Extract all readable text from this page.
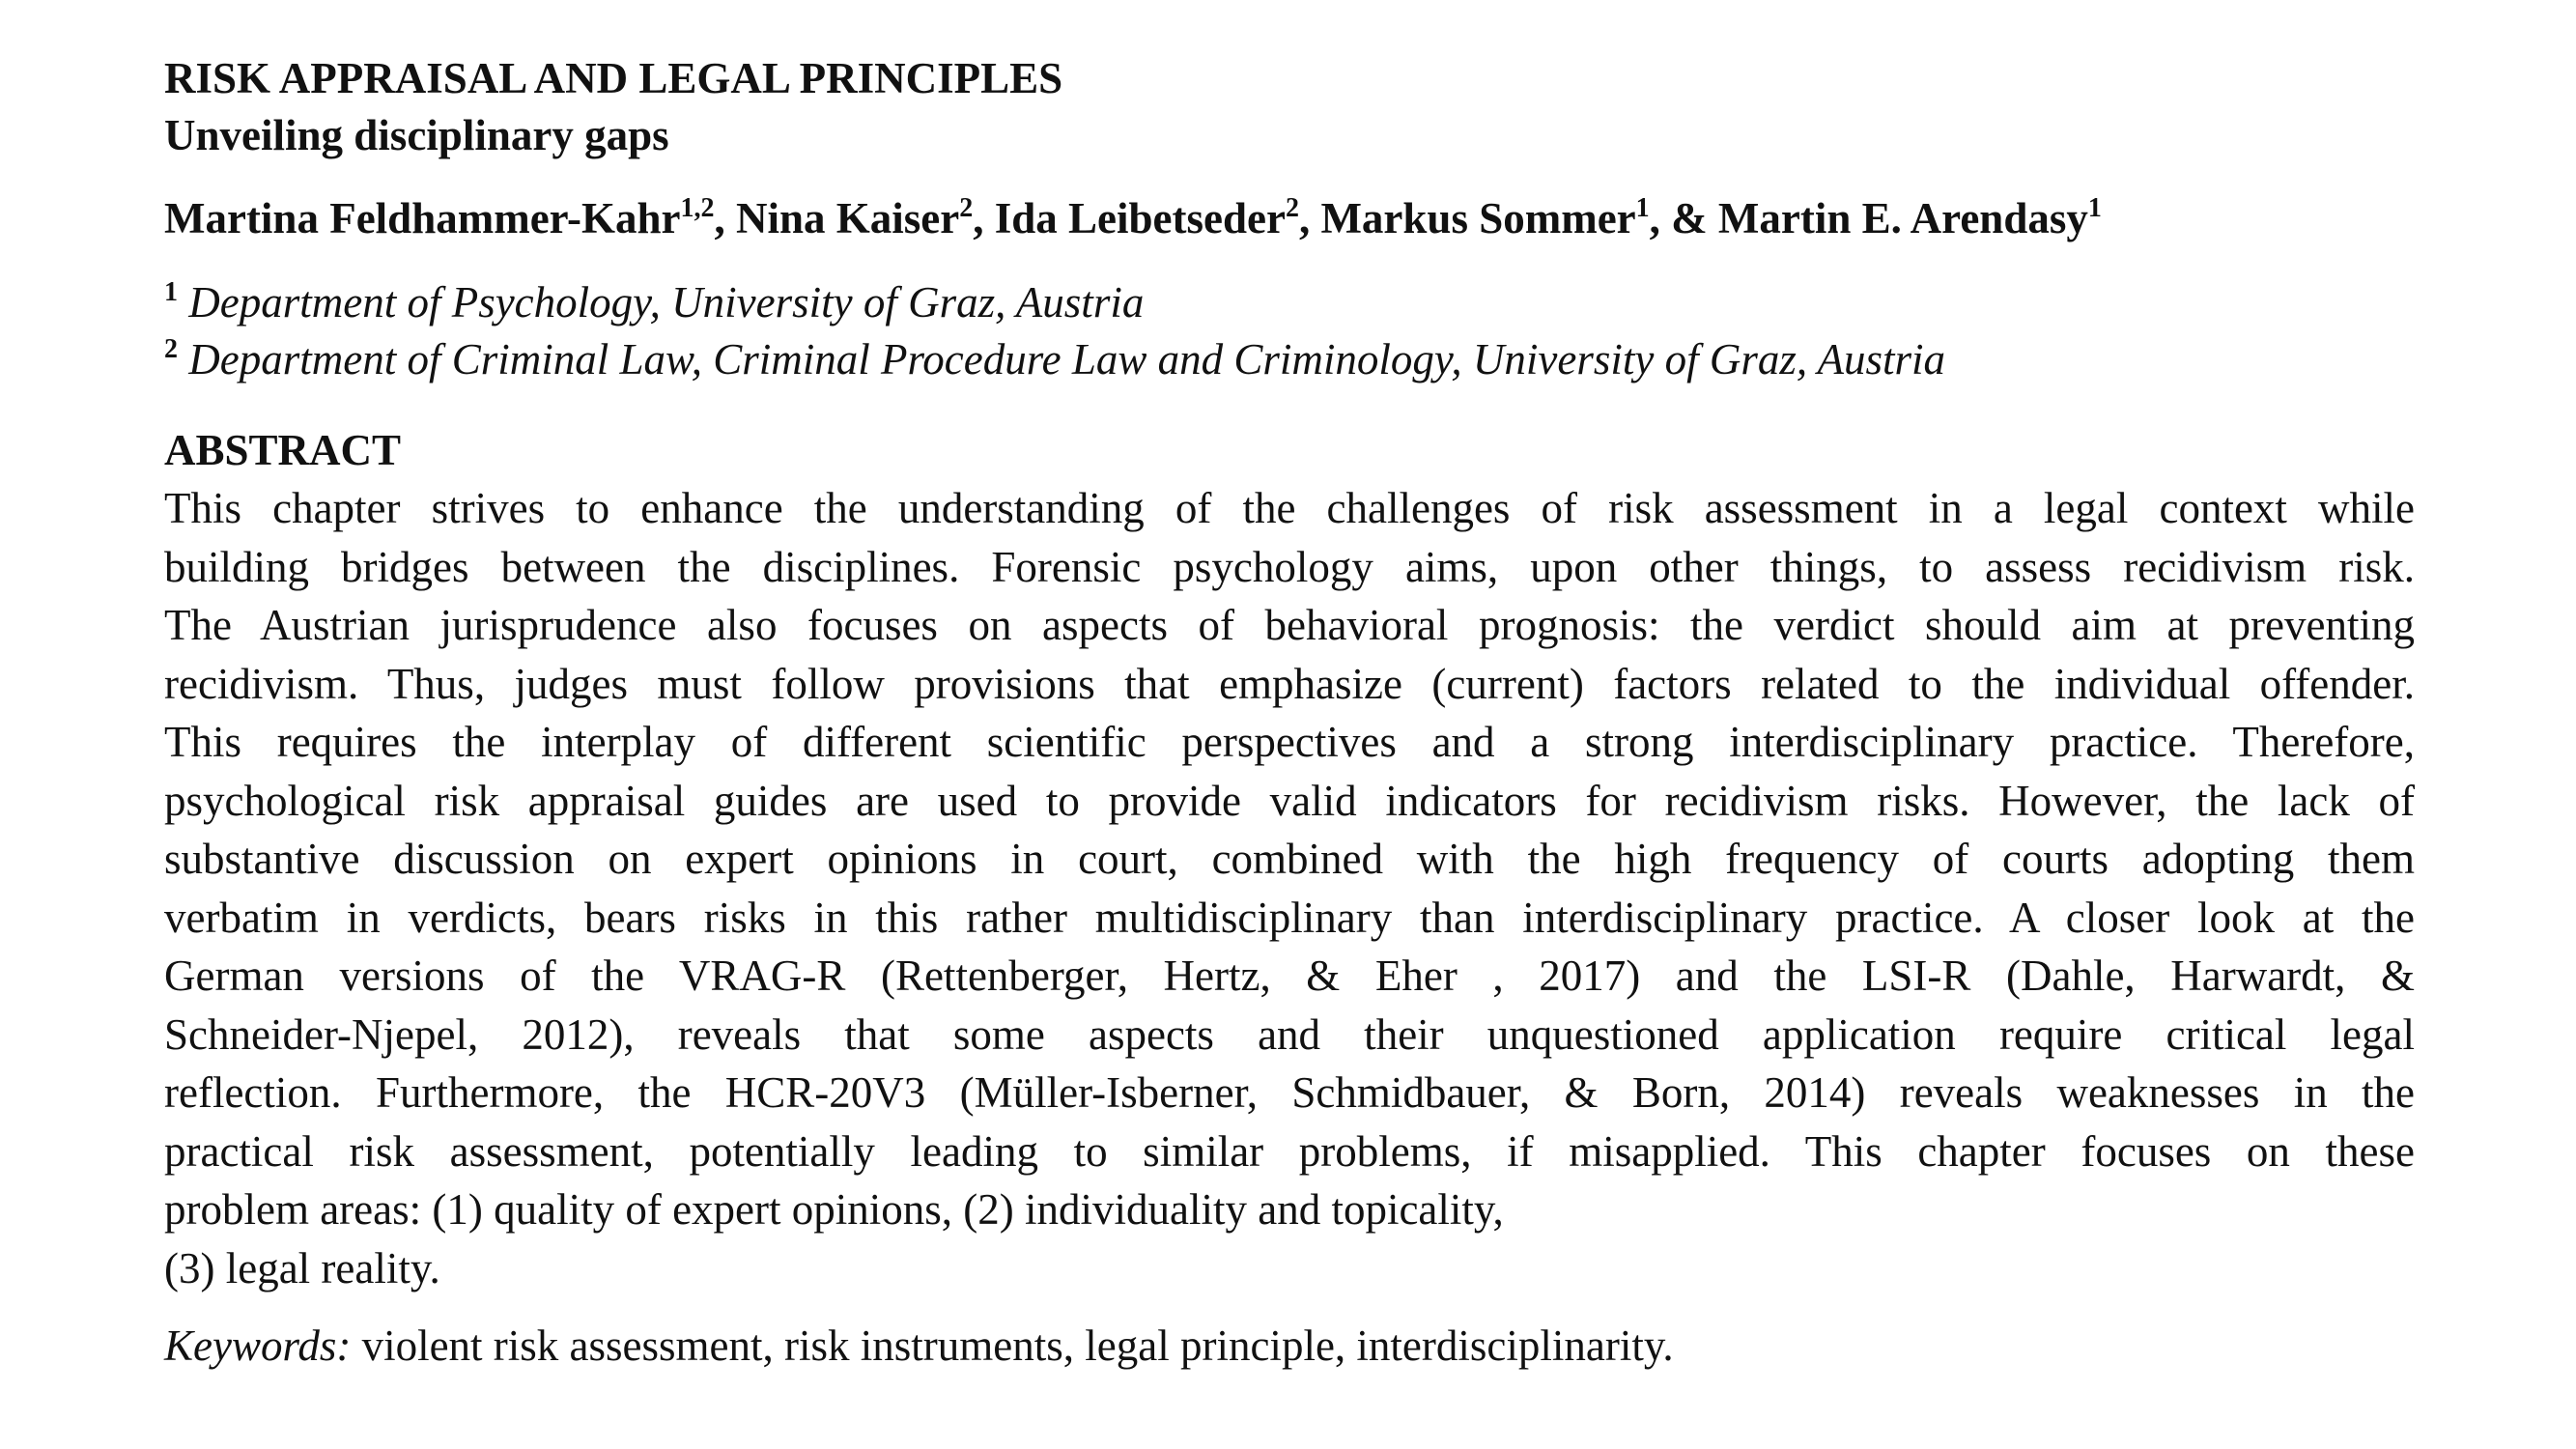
RISK APPRAISAL AND LEGAL PRINCIPLES
Unveiling disciplinary gaps
Martina Feldhammer-Kahr$^{1,2}$, Nina Kaiser$^2$, Ida Leibetseder$^2$, Markus Sommer$^1$, & Martin E. Arendasy$^1$

$^1$ Department of Psychology, University of Graz, Austria

$^2$ Department of Criminal Law, Criminal Procedure Law and Criminology, University of Graz, Austria

ABSTRACT

This chapter strives to enhance the understanding of the challenges of risk assessment in a legal context while
building bridges between the disciplines. Forensic psychology aims, upon other things, to assess recidivism risk.
The Austrian jurisprudence also focuses on aspects of behavioral prognosis: the verdict should aim at preventing
recidivism. Thus, judges must follow provisions that emphasize (current) factors related to the individual offender.
This requires the interplay of different scientific perspectives and a strong interdisciplinary practice. Therefore,
psychological risk appraisal guides are used to provide valid indicators for recidivism risks. However, the lack of
substantive discussion on expert opinions in court, combined with the high frequency of courts adopting them
verbatim in verdicts, bears risks in this rather multidisciplinary than interdisciplinary practice. A closer look at the
German versions of the VRAG-R (Rettenberger, Hertz, & Eher , 2017) and the LSI-R (Dahle, Harwardt, &
Schneider-Njepel, 2012), reveals that some aspects and their unquestioned application require critical legal
reflection. Furthermore, the HCR-20V3 (Müller-Isberner, Schmidbauer, & Born, 2014) reveals weaknesses in the
practical risk assessment, potentially leading to similar problems, if misapplied. This chapter focuses on these
problem areas: (1) quality of expert opinions, (2) individuality and topicality,
(3) legal reality.

Keywords: violent risk assessment, risk instruments, legal principle, interdisciplinarity.
